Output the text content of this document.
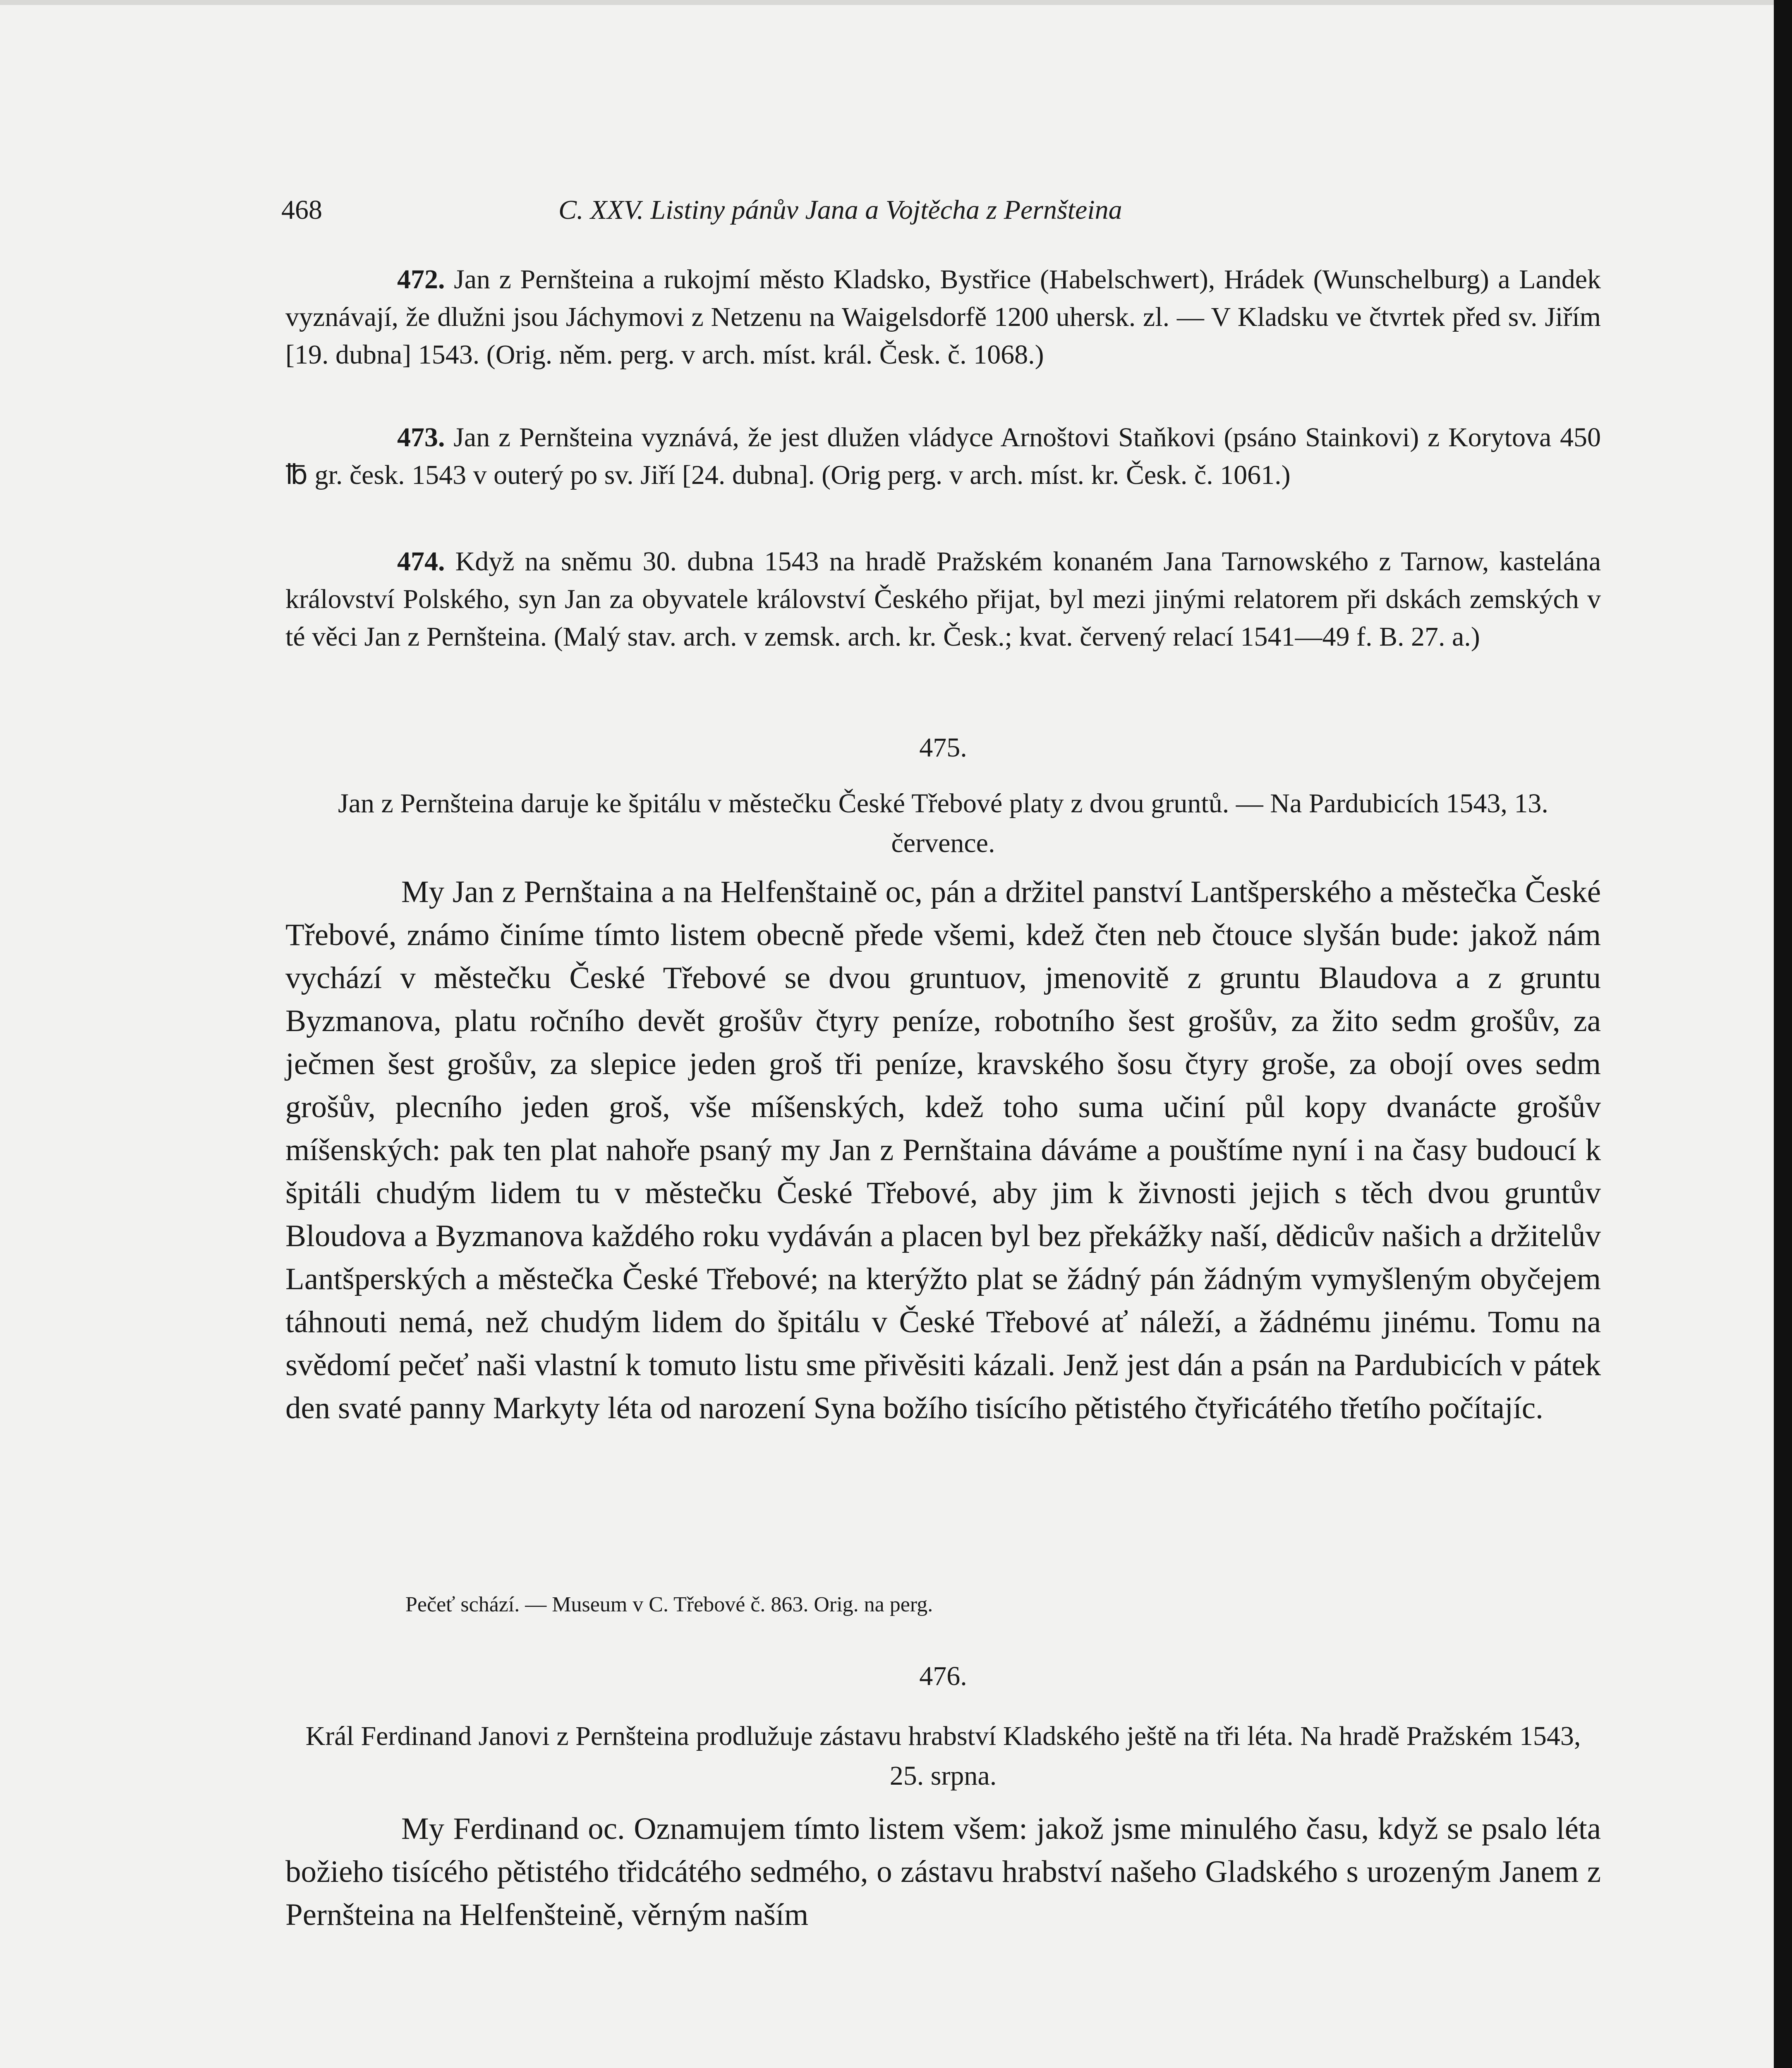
468	C. XXV. Listiny pánův Jana a Vojtěcha z Pernšteina

472. Jan z Pernšteina a rukojmí město Kladsko, Bystřice (Habelschwert), Hrádek (Wunschelburg) a Landek vyznávají, že dlužni jsou Jáchymovi z Netzenu na Waigelsdorfě 1200 uhersk. zl. — V Kladsku ve čtvrtek před sv. Jiřím [19. dubna] 1543. (Orig. něm. perg. v arch. míst. král. Česk. č. 1068.)

473. Jan z Pernšteina vyznává, že jest dlužen vládyce Arnoštovi Staňkovi (psáno Stainkovi) z Korytova 450 ℔ gr. česk. 1543 v outerý po sv. Jiří [24. dubna]. (Orig perg. v arch. míst. kr. Česk. č. 1061.)

474. Když na sněmu 30. dubna 1543 na hradě Pražském konaném Jana Tarnowského z Tarnow, kastelána království Polského, syn Jan za obyvatele království Českého přijat, byl mezi jinými relatorem při dskách zemských v té věci Jan z Pernšteina. (Malý stav. arch. v zemsk. arch. kr. Česk.; kvat. červený relací 1541—49 f. B. 27. a.)

475.
Jan z Pernšteina daruje ke špitálu v městečku České Třebové platy z dvou gruntů. — Na Pardubicích 1543, 13. července.

My Jan z Pernštaina a na Helfenštaině oc, pán a držitel panství Lantšperského a městečka České Třebové, známo činíme tímto listem obecně přede všemi, kdež čten neb čtouce slyšán bude: jakož nám vychází v městečku České Třebové se dvou gruntuov, jmenovitě z gruntu Blaudova a z gruntu Byzmanova, platu ročního devět grošův čtyry peníze, robotního šest grošův, za žito sedm grošův, za ječmen šest grošův, za slepice jeden groš tři peníze, kravského šosu čtyry groše, za obojí oves sedm grošův, plecního jeden groš, vše míšenských, kdež toho suma učiní půl kopy dvanácte grošův míšenských: pak ten plat nahoře psaný my Jan z Pernštaina dáváme a pouštíme nyní i na časy budoucí k špitáli chudým lidem tu v městečku České Třebové, aby jim k živnosti jejich s těch dvou gruntův Bloudova a Byzmanova každého roku vydáván a placen byl bez překážky naší, dědicův našich a držitelův Lantšperských a městečka České Třebové; na kterýžto plat se žádný pán žádným vymyšleným obyčejem táhnouti nemá, než chudým lidem do špitálu v České Třebové ať náleží, a žádnému jinému. Tomu na svědomí pečeť naši vlastní k tomuto listu sme přivěsiti kázali. Jenž jest dán a psán na Pardubicích v pátek den svaté panny Markyty léta od narození Syna božího tisícího pětistého čtyřicátého třetího počítajíc.

Pečeť schází. — Museum v C. Třebové č. 863. Orig. na perg.
476.
Král Ferdinand Janovi z Pernšteina prodlužuje zástavu hrabství Kladského ještě na tři léta. Na hradě Pražském 1543, 25. srpna.

My Ferdinand oc. Oznamujem tímto listem všem: jakož jsme minulého času, když se psalo léta božieho tisícého pětistého třidcátého sedmého, o zástavu hrabství našeho Gladského s urozeným Janem z Pernšteina na Helfenšteině, věrným naším
